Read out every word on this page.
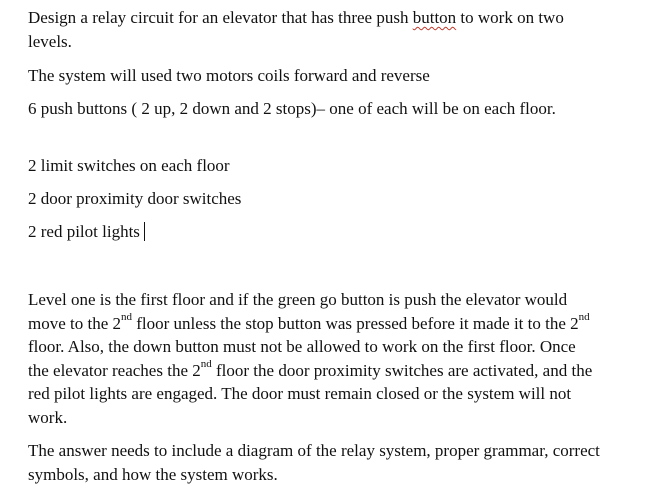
Design a relay circuit for an elevator that has three push button to work on two levels.

The system will used two motors coils forward and reverse

6 push buttons ( 2 up, 2 down and 2 stops)– one of each will be on each floor.

2 limit switches on each floor

2 door proximity door switches

2 red pilot lights

Level one is the first floor and if the green go button is push the elevator would move to the 2nd floor unless the stop button was pressed before it made it to the 2nd floor. Also, the down button must not be allowed to work on the first floor. Once the elevator reaches the 2nd floor the door proximity switches are activated, and the red pilot lights are engaged. The door must remain closed or the system will not work.

The answer needs to include a diagram of the relay system, proper grammar, correct symbols, and how the system works.
